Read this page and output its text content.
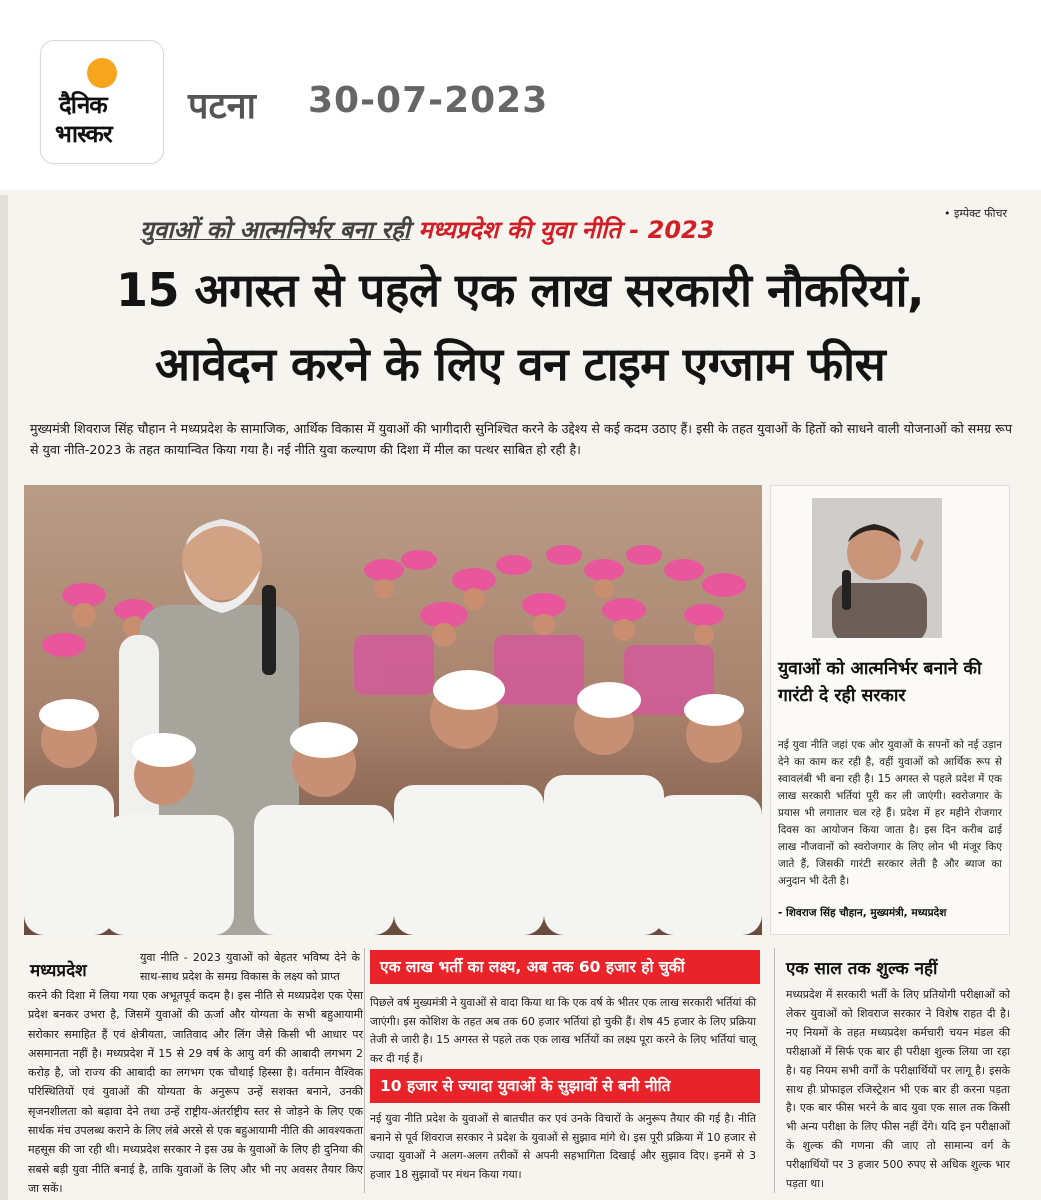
दैनिक
भास्कर
पटना 30-07-2023
• इम्पेक्ट फीचर
युवाओं को आत्मनिर्भर बना रही मध्यप्रदेश की युवा नीति - 2023
15 अगस्त से पहले एक लाख सरकारी नौकरियां,
आवेदन करने के लिए वन टाइम एग्जाम फीस
मुख्यमंत्री शिवराज सिंह चौहान ने मध्यप्रदेश के सामाजिक, आर्थिक विकास में युवाओं की भागीदारी सुनिश्चित करने के उद्देश्य से कई कदम उठाए हैं। इसी के तहत युवाओं के हितों को साधने वाली योजनाओं को समग्र रूप से युवा नीति-2023 के तहत कायान्वित किया गया है। नई नीति युवा कल्याण की दिशा में मील का पत्थर साबित हो रही है।
युवाओं को आत्मनिर्भर बनाने की गारंटी दे रही सरकार
नई युवा नीति जहां एक ओर युवाओं के सपनों को नई उड़ान देने का काम कर रही है, वहीं युवाओं को आर्थिक रूप से स्वावलंबी भी बना रही है। 15 अगस्त से पहले प्रदेश में एक लाख सरकारी भर्तियां पूरी कर ली जाएंगी। स्वरोजगार के प्रयास भी लगातार चल रहे हैं। प्रदेश में हर महीने रोजगार दिवस का आयोजन किया जाता है। इस दिन करीब ढाई लाख नौजवानों को स्वरोजगार के लिए लोन भी मंजूर किए जाते हैं, जिसकी गारंटी सरकार लेती है और ब्याज का अनुदान भी देती है।
- शिवराज सिंह चौहान, मुख्यमंत्री, मध्यप्रदेश
मध्यप्रदेश
युवा नीति - 2023 युवाओं को बेहतर भविष्य देने के साथ-साथ प्रदेश के समग्र विकास के लक्ष्य को प्राप्त
करने की दिशा में लिया गया एक अभूतपूर्व कदम है। इस नीति से मध्यप्रदेश एक ऐसा प्रदेश बनकर उभरा है, जिसमें युवाओं की ऊर्जा और योग्यता के सभी बहुआयामी सरोकार समाहित हैं एवं क्षेत्रीयता, जातिवाद और लिंग जैसे किसी भी आधार पर असमानता नहीं है। मध्यप्रदेश में 15 से 29 वर्ष के आयु वर्ग की आबादी लगभग 2 करोड़ है, जो राज्य की आबादी का लगभग एक चौथाई हिस्सा है। वर्तमान वैश्विक परिस्थितियों एवं युवाओं की योग्यता के अनुरूप उन्हें सशक्त बनाने, उनकी सृजनशीलता को बढ़ावा देने तथा उन्हें राष्ट्रीय-अंतर्राष्ट्रीय स्तर से जोड़ने के लिए एक सार्थक मंच उपलब्ध कराने के लिए लंबे अरसे से एक बहुआयामी नीति की आवश्यकता महसूस की जा रही थी। मध्यप्रदेश सरकार ने इस उम्र के युवाओं के लिए ही दुनिया की सबसे बड़ी युवा नीति बनाई है, ताकि युवाओं के लिए और भी नए अवसर तैयार किए जा सकें।
एक लाख भर्ती का लक्ष्य, अब तक 60 हजार हो चुकीं
पिछले वर्ष मुख्यमंत्री ने युवाओं से वादा किया था कि एक वर्ष के भीतर एक लाख सरकारी भर्तियां की जाएंगी। इस कोशिश के तहत अब तक 60 हजार भर्तियां हो चुकी हैं। शेष 45 हजार के लिए प्रक्रिया तेजी से जारी है। 15 अगस्त से पहले तक एक लाख भर्तियों का लक्ष्य पूरा करने के लिए भर्तियां चालू कर दी गई हैं।
10 हजार से ज्यादा युवाओं के सुझावों से बनी नीति
नई युवा नीति प्रदेश के युवाओं से बातचीत कर एवं उनके विचारों के अनुरूप तैयार की गई है। नीति बनाने से पूर्व शिवराज सरकार ने प्रदेश के युवाओं से सुझाव मांगे थे। इस पूरी प्रक्रिया में 10 हजार से ज्यादा युवाओं ने अलग-अलग तरीकों से अपनी सहभागिता दिखाई और सुझाव दिए। इनमें से 3 हजार 18 सुझावों पर मंथन किया गया।
एक साल तक शुल्क नहीं
मध्यप्रदेश में सरकारी भर्ती के लिए प्रतियोगी परीक्षाओं को लेकर युवाओं को शिवराज सरकार ने विशेष राहत दी है। नए नियमों के तहत मध्यप्रदेश कर्मचारी चयन मंडल की परीक्षाओं में सिर्फ एक बार ही परीक्षा शुल्क लिया जा रहा है। यह नियम सभी वर्गों के परीक्षार्थियों पर लागू है। इसके साथ ही प्रोफाइल रजिस्ट्रेशन भी एक बार ही करना पड़ता है। एक बार फीस भरने के बाद युवा एक साल तक किसी भी अन्य परीक्षा के लिए फीस नहीं देंगे। यदि इन परीक्षाओं के शुल्क की गणना की जाए तो सामान्य वर्ग के परीक्षार्थियों पर 3 हजार 500 रुपए से अधिक शुल्क भार पड़ता था।
